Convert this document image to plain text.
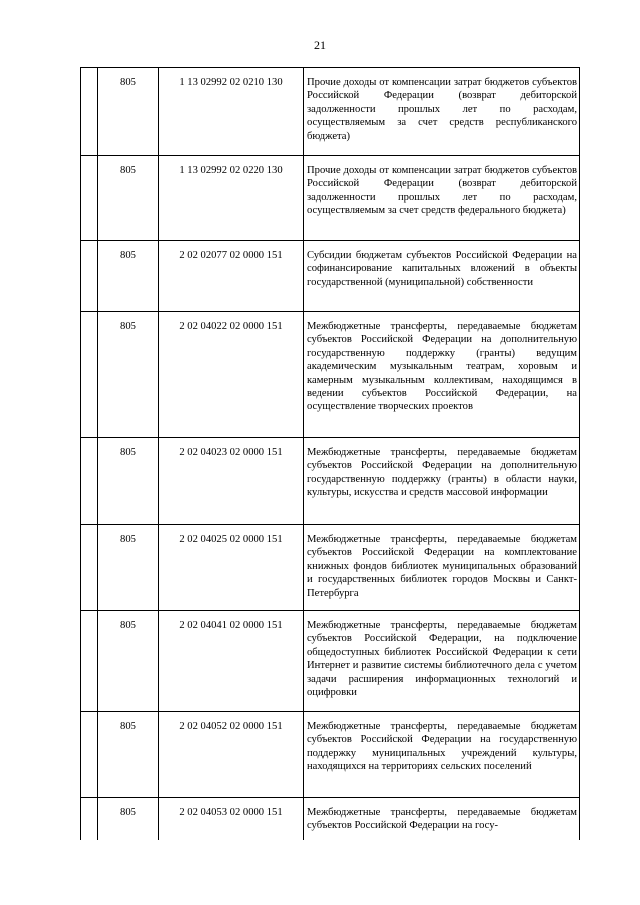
21
	805	1 13 02992 02 0210 130	Прочие доходы от компенсации затрат бюджетов субъектов Российской Федерации (возврат дебиторской задолженности прошлых лет по расходам, осуществляемым за счет средств республиканского бюджета)
	805	1 13 02992 02 0220 130	Прочие доходы от компенсации затрат бюджетов субъектов Российской Федерации (возврат дебиторской задолженности прошлых лет по расходам, осуществляемым за счет средств федерального бюджета)
	805	2 02 02077 02 0000 151	Субсидии бюджетам субъектов Российской Федерации на софинансирование капитальных вложений в объекты государственной (муниципальной) собственности
	805	2 02 04022 02 0000 151	Межбюджетные трансферты, передаваемые бюджетам субъектов Российской Федерации на дополнительную государственную поддержку (гранты) ведущим академическим музыкальным театрам, хоровым и камерным музыкальным коллективам, находящимся в ведении субъектов Российской Федерации, на осуществление творческих проектов
	805	2 02 04023 02 0000 151	Межбюджетные трансферты, передаваемые бюджетам субъектов Российской Федерации на дополнительную государственную поддержку (гранты) в области науки, культуры, искусства и средств массовой информации
	805	2 02 04025 02 0000 151	Межбюджетные трансферты, передаваемые бюджетам субъектов Российской Федерации на комплектование книжных фондов библиотек муниципальных образований и государственных библиотек городов Москвы и Санкт-Петербурга
	805	2 02 04041 02 0000 151	Межбюджетные трансферты, передаваемые бюджетам субъектов Российской Федерации, на подключение общедоступных библиотек Российской Федерации к сети Интернет и развитие системы библиотечного дела с учетом задачи расширения информационных технологий и оцифровки
	805	2 02 04052 02 0000 151	Межбюджетные трансферты, передаваемые бюджетам субъектов Российской Федерации на государственную поддержку муниципальных учреждений культуры, находящихся на территориях сельских поселений
	805	2 02 04053 02 0000 151	Межбюджетные трансферты, передаваемые бюджетам субъектов Российской Федерации на госу-
